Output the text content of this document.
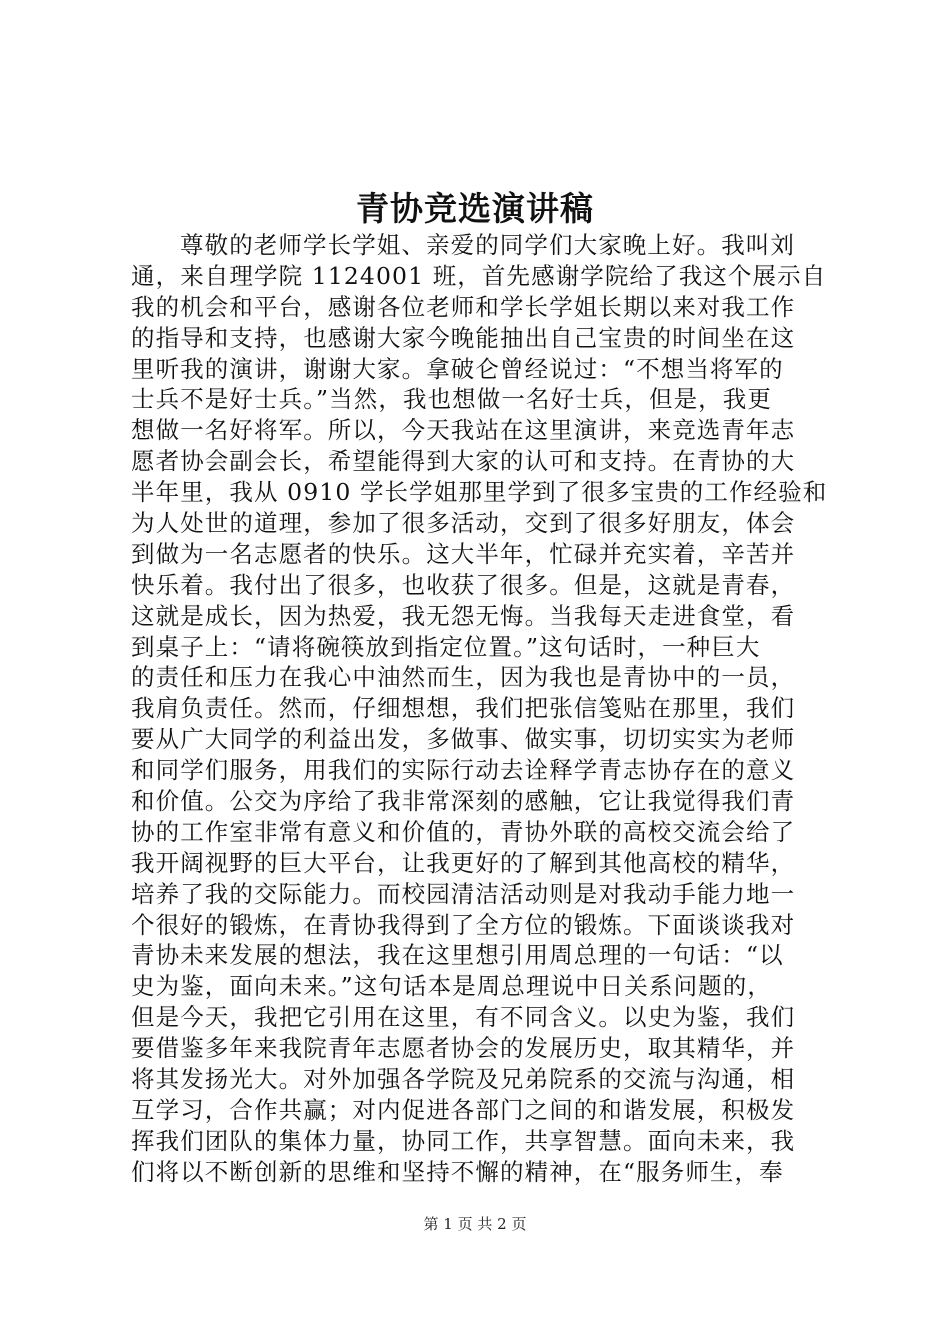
青协竞选演讲稿
尊敬的老师学长学姐、亲爱的同学们大家晚上好。我叫刘
通，来自理学院 1124001 班，首先感谢学院给了我这个展示自
我的机会和平台，感谢各位老师和学长学姐长期以来对我工作
的指导和支持，也感谢大家今晚能抽出自己宝贵的时间坐在这
里听我的演讲，谢谢大家。拿破仑曾经说过：“不想当将军的
士兵不是好士兵。”当然，我也想做一名好士兵，但是，我更
想做一名好将军。所以，今天我站在这里演讲，来竞选青年志
愿者协会副会长，希望能得到大家的认可和支持。在青协的大
半年里，我从 0910 学长学姐那里学到了很多宝贵的工作经验和
为人处世的道理，参加了很多活动，交到了很多好朋友，体会
到做为一名志愿者的快乐。这大半年，忙碌并充实着，辛苦并
快乐着。我付出了很多，也收获了很多。但是，这就是青春，
这就是成长，因为热爱，我无怨无悔。当我每天走进食堂，看
到桌子上：“请将碗筷放到指定位置。”这句话时，一种巨大
的责任和压力在我心中油然而生，因为我也是青协中的一员，
我肩负责任。然而，仔细想想，我们把张信笺贴在那里，我们
要从广大同学的利益出发，多做事、做实事，切切实实为老师
和同学们服务，用我们的实际行动去诠释学青志协存在的意义
和价值。公交为序给了我非常深刻的感触，它让我觉得我们青
协的工作室非常有意义和价值的，青协外联的高校交流会给了
我开阔视野的巨大平台，让我更好的了解到其他高校的精华，
培养了我的交际能力。而校园清洁活动则是对我动手能力地一
个很好的锻炼，在青协我得到了全方位的锻炼。下面谈谈我对
青协未来发展的想法，我在这里想引用周总理的一句话：“以
史为鉴，面向未来。”这句话本是周总理说中日关系问题的，
但是今天，我把它引用在这里，有不同含义。以史为鉴，我们
要借鉴多年来我院青年志愿者协会的发展历史，取其精华，并
将其发扬光大。对外加强各学院及兄弟院系的交流与沟通，相
互学习，合作共赢；对内促进各部门之间的和谐发展，积极发
挥我们团队的集体力量，协同工作，共享智慧。面向未来，我
们将以不断创新的思维和坚持不懈的精神，在“服务师生，奉
第 1 页 共 2 页
